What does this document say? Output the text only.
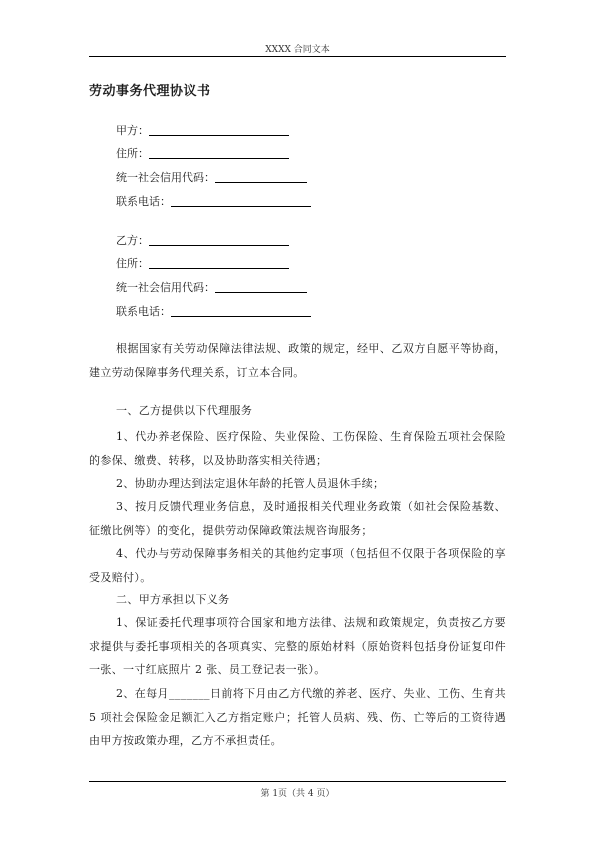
XXXX 合同文本
劳动事务代理协议书
甲方：
住所：
统一社会信用代码：
联系电话：
乙方：
住所：
统一社会信用代码：
联系电话：

根据国家有关劳动保障法律法规、政策的规定，经甲、乙双方自愿平等协商，建立劳动保障事务代理关系，订立本合同。

一、乙方提供以下代理服务

1、代办养老保险、医疗保险、失业保险、工伤保险、生育保险五项社会保险的参保、缴费、转移，以及协助落实相关待遇；

2、协助办理达到法定退休年龄的托管人员退休手续；

3、按月反馈代理业务信息，及时通报相关代理业务政策（如社会保险基数、征缴比例等）的变化，提供劳动保障政策法规咨询服务；

4、代办与劳动保障事务相关的其他约定事项（包括但不仅限于各项保险的享受及赔付）。

二、甲方承担以下义务

1、保证委托代理事项符合国家和地方法律、法规和政策规定，负责按乙方要求提供与委托事项相关的各项真实、完整的原始材料（原始资料包括身份证复印件一张、一寸红底照片 2 张、员工登记表一张）。

2、在每月_______日前将下月由乙方代缴的养老、医疗、失业、工伤、生育共 5 项社会保险金足额汇入乙方指定账户；托管人员病、残、伤、亡等后的工资待遇由甲方按政策办理，乙方不承担责任。

第 1页（共 4 页）
